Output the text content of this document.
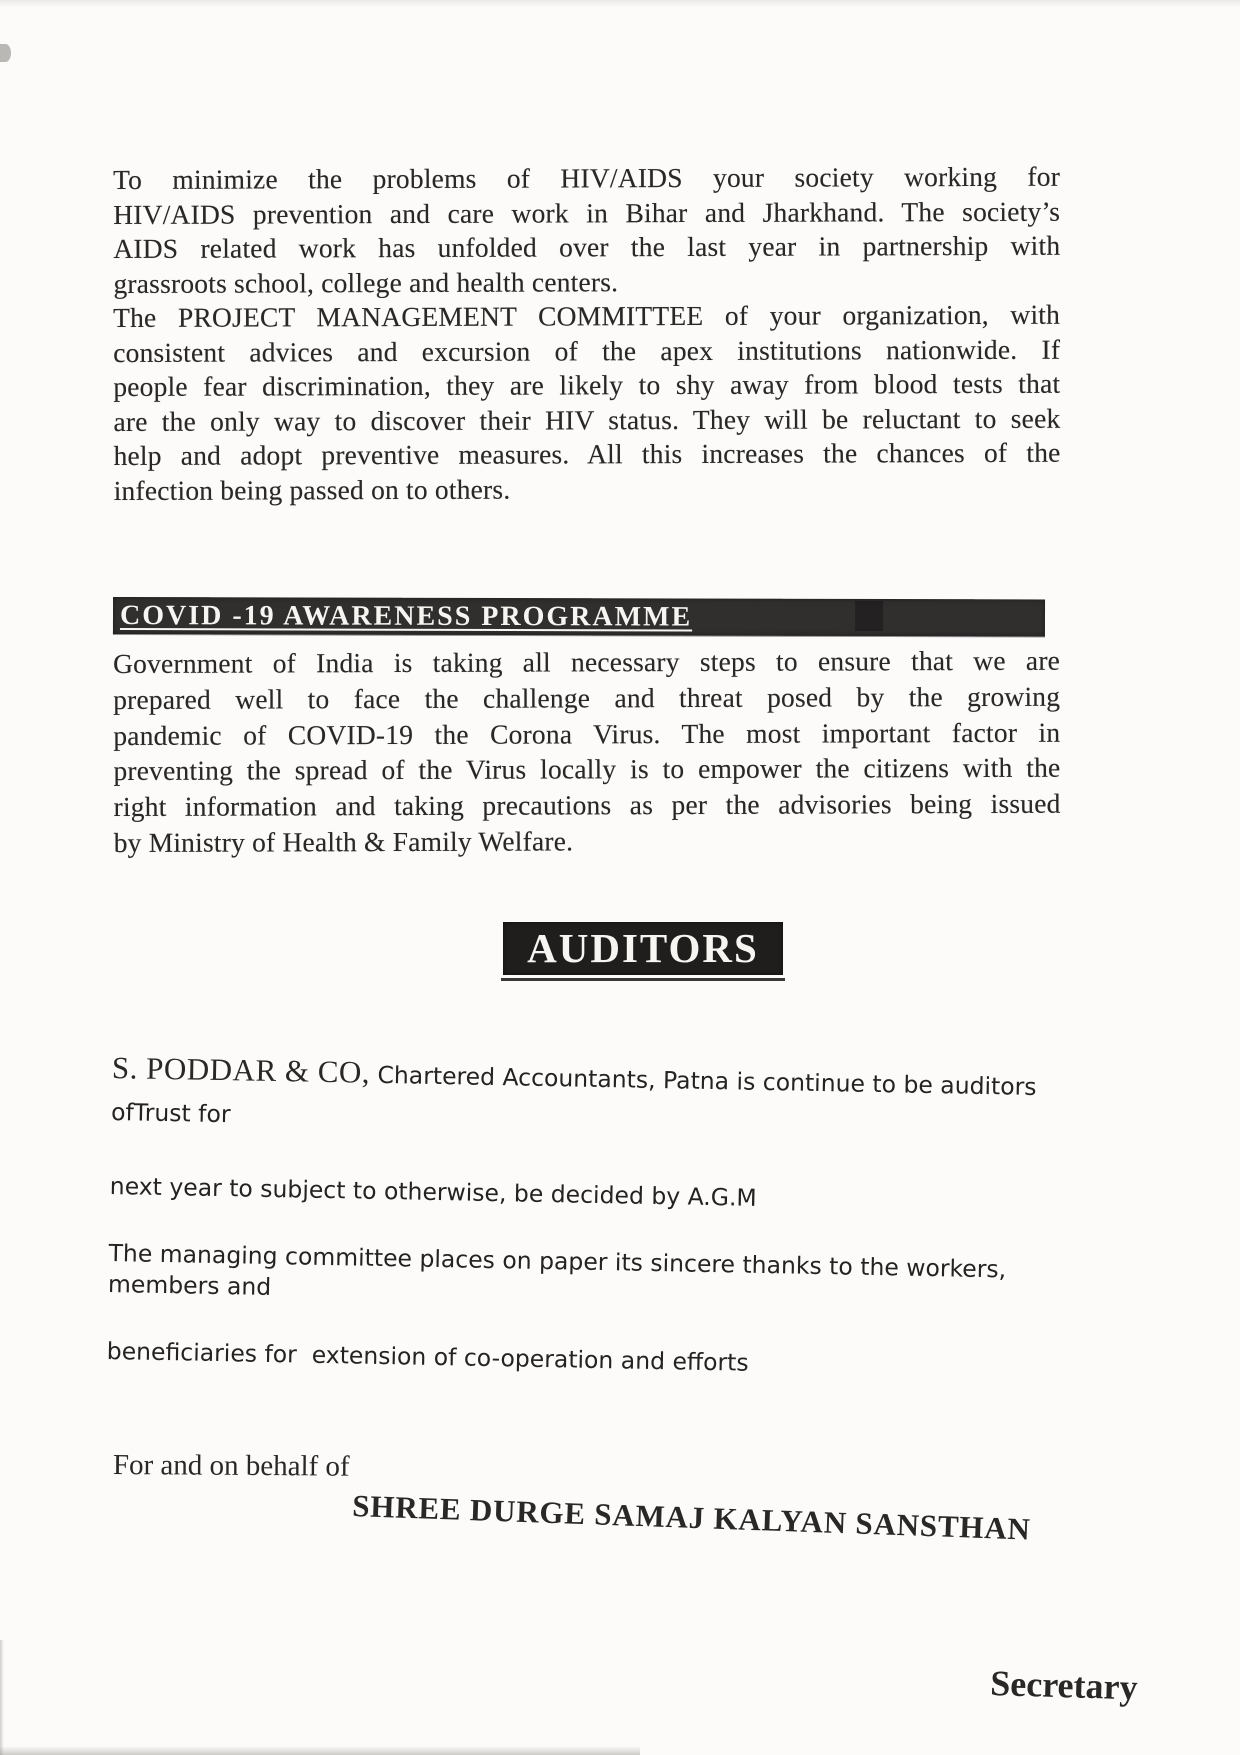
To minimize the problems of HIV/AIDS your society working for
HIV/AIDS prevention and care work in Bihar and Jharkhand. The society’s
AIDS related work has unfolded over the last year in partnership with
grassroots school, college and health centers.
The PROJECT MANAGEMENT COMMITTEE of your organization, with
consistent advices and excursion of the apex institutions nationwide. If
people fear discrimination, they are likely to shy away from blood tests that
are the only way to discover their HIV status. They will be reluctant to seek
help and adopt preventive measures. All this increases the chances of the
infection being passed on to others.
COVID -19 AWARENESS PROGRAMME
Government of India is taking all necessary steps to ensure that we are
prepared well to face the challenge and threat posed by the growing
pandemic of COVID-19 the Corona Virus. The most important factor in
preventing the spread of the Virus locally is to empower the citizens with the
right information and taking precautions as per the advisories being issued
by Ministry of Health & Family Welfare.
AUDITORS

S. PODDAR & CO, Chartered Accountants, Patna is continue to be auditors ofTrust for

next year to subject to otherwise, be decided by A.G.M

The managing committee places on paper its sincere thanks to the workers, members and

beneficiaries for  extension of co-operation and efforts

For and on behalf of
SHREE DURGE SAMAJ KALYAN SANSTHAN
Secretary
